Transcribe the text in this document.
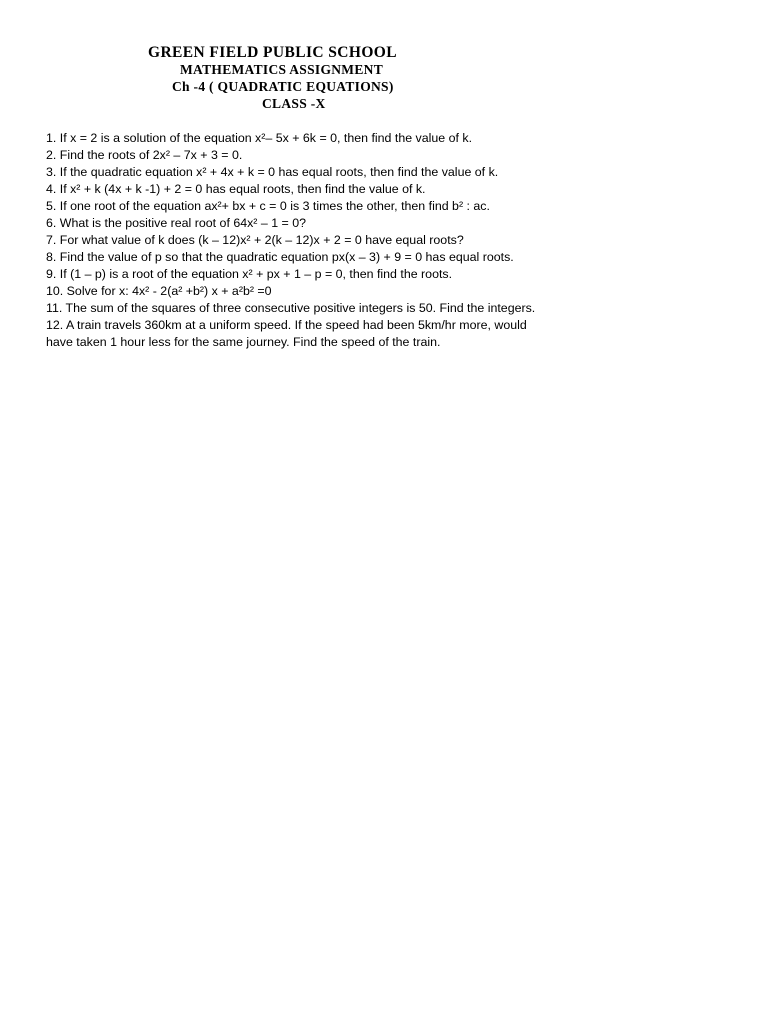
GREEN FIELD PUBLIC SCHOOL
MATHEMATICS ASSIGNMENT
Ch -4 ( QUADRATIC EQUATIONS)
CLASS -X
1. If x = 2 is a solution of the equation x²– 5x + 6k = 0, then find the value of k.
2. Find the roots of 2x² – 7x + 3 = 0.
3. If the quadratic equation x² + 4x + k = 0 has equal roots, then find the value of k.
4. If x² + k (4x + k -1) + 2 = 0 has equal roots, then find the value of k.
5. If one root of the equation ax²+ bx + c = 0 is 3 times the other, then find b² : ac.
6. What is the positive real root of 64x² – 1 = 0?
7. For what value of k does (k – 12)x² + 2(k – 12)x + 2 = 0 have equal roots?
8. Find the value of p so that the quadratic equation px(x – 3) + 9 = 0 has equal roots.
9. If (1 – p) is a root of the equation x² + px + 1 – p = 0, then find the roots.
10. Solve for x: 4x² - 2(a² +b²) x + a²b² =0
11. The sum of the squares of three consecutive positive integers is 50. Find the integers.
12. A train travels 360km at a uniform speed. If the speed had been 5km/hr more, would
have taken 1 hour less for the same journey. Find the speed of the train.
